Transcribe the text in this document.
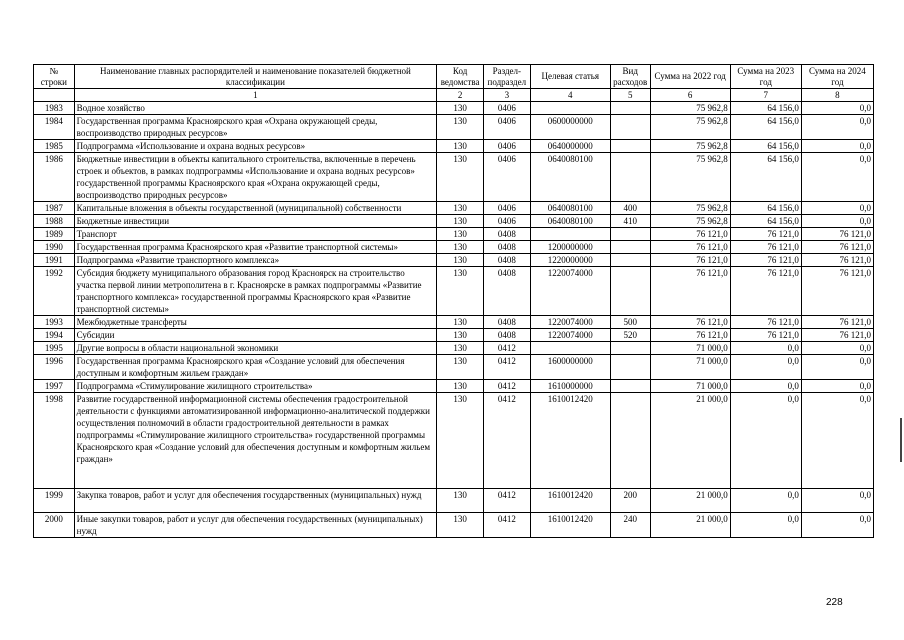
№ строки	Наименование главных распорядителей и наименование показателей бюджетной классификации	Код ведомства	Раздел-подраздел	Целевая статья	Вид расходов	Сумма на 2022 год	Сумма на 2023 год	Сумма на 2024 год
	1	2	3	4	5	6	7	8
1983	Водное хозяйство	130	0406			75 962,8	64 156,0	0,0
1984	Государственная программа Красноярского края «Охрана окружающей среды, воспроизводство природных ресурсов»	130	0406	0600000000		75 962,8	64 156,0	0,0
1985	Подпрограмма «Использование и охрана водных ресурсов»	130	0406	0640000000		75 962,8	64 156,0	0,0
1986	Бюджетные инвестиции в объекты капитального строительства, включенные в перечень строек и объектов, в рамках подпрограммы «Использование и охрана водных ресурсов» государственной программы Красноярского края «Охрана окружающей среды, воспроизводство природных ресурсов»	130	0406	0640080100		75 962,8	64 156,0	0,0
1987	Капитальные вложения в объекты государственной (муниципальной) собственности	130	0406	0640080100	400	75 962,8	64 156,0	0,0
1988	Бюджетные инвестиции	130	0406	0640080100	410	75 962,8	64 156,0	0,0
1989	Транспорт	130	0408			76 121,0	76 121,0	76 121,0
1990	Государственная программа Красноярского края «Развитие транспортной системы»	130	0408	1200000000		76 121,0	76 121,0	76 121,0
1991	Подпрограмма «Развитие транспортного комплекса»	130	0408	1220000000		76 121,0	76 121,0	76 121,0
1992	Субсидия бюджету муниципального образования город Красноярск на строительство участка первой линии метрополитена в г. Красноярске в рамках подпрограммы «Развитие транспортного комплекса» государственной программы Красноярского края «Развитие транспортной системы»	130	0408	1220074000		76 121,0	76 121,0	76 121,0
1993	Межбюджетные трансферты	130	0408	1220074000	500	76 121,0	76 121,0	76 121,0
1994	Субсидии	130	0408	1220074000	520	76 121,0	76 121,0	76 121,0
1995	Другие вопросы в области национальной экономики	130	0412			71 000,0	0,0	0,0
1996	Государственная программа Красноярского края «Создание условий для обеспечения доступным и комфортным жильем граждан»	130	0412	1600000000		71 000,0	0,0	0,0
1997	Подпрограмма «Стимулирование жилищного строительства»	130	0412	1610000000		71 000,0	0,0	0,0
1998	Развитие государственной информационной системы обеспечения градостроительной деятельности с функциями автоматизированной информационно-аналитической поддержки осуществления полномочий в области градостроительной деятельности в рамках подпрограммы «Стимулирование жилищного строительства» государственной программы Красноярского края «Создание условий для обеспечения доступным и комфортным жильем граждан»	130	0412	1610012420		21 000,0	0,0	0,0
1999	Закупка товаров, работ и услуг для обеспечения государственных (муниципальных) нужд	130	0412	1610012420	200	21 000,0	0,0	0,0
2000	Иные закупки товаров, работ и услуг для обеспечения государственных (муниципальных) нужд	130	0412	1610012420	240	21 000,0	0,0	0,0
228
